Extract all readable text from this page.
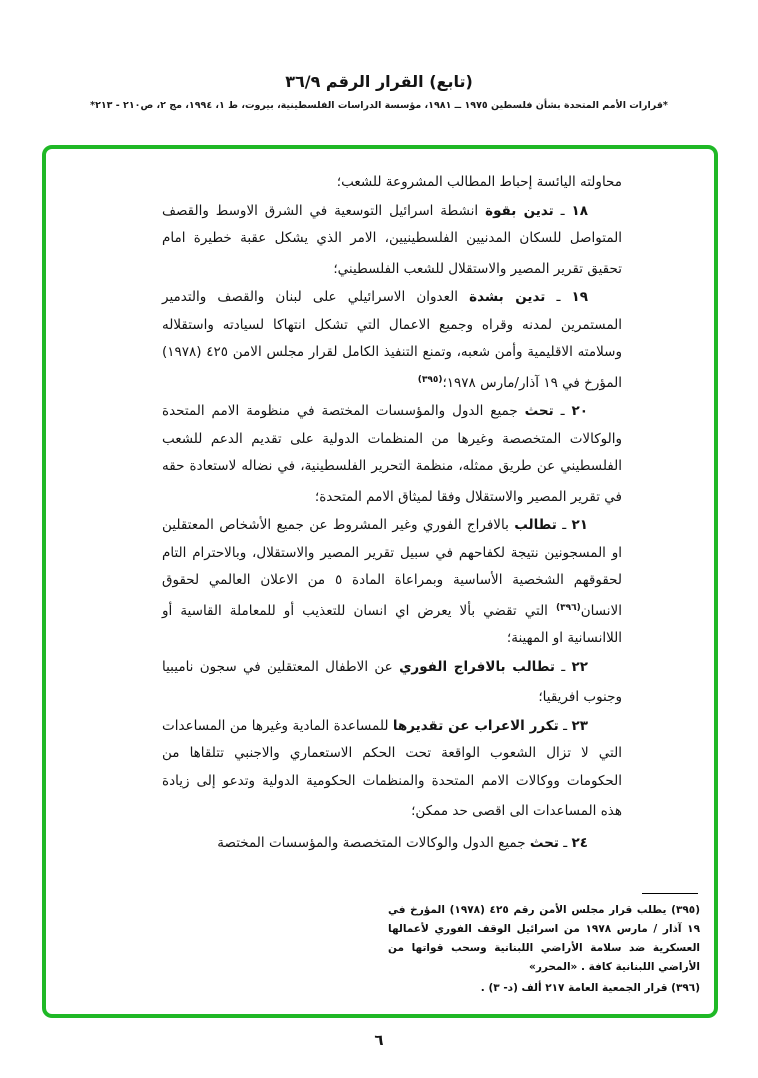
(تابع) القرار الرقم ٣٦/٩

*قرارات الأمم المتحدة بشأن فلسطين ١٩٧٥ ــ ١٩٨١، مؤسسة الدراسات الفلسطينية، بيروت، ط ١، ١٩٩٤، مج ٢، ص٢١٠ - ٢١٣*

محاولته اليائسة إحباط المطالب المشروعة للشعب؛

١٨ ـ تدين بقوة انشطة اسرائيل التوسعية في الشرق الاوسط والقصف المتواصل للسكان المدنيين الفلسطينيين، الامر الذي يشكل عقبة خطيرة امام تحقيق تقرير المصير والاستقلال للشعب الفلسطيني؛

١٩ ـ تدين بشدة العدوان الاسرائيلي على لبنان والقصف والتدمير المستمرين لمدنه وقراه وجميع الاعمال التي تشكل انتهاكا لسيادته واستقلاله وسلامته الاقليمية وأمن شعبه، وتمنع التنفيذ الكامل لقرار مجلس الامن ٤٢٥ (١٩٧٨) المؤرخ في ١٩ آذار/مارس ١٩٧٨؛$^{(٣٩٥)}$

٢٠ ـ تحث جميع الدول والمؤسسات المختصة في منظومة الامم المتحدة والوكالات المتخصصة وغيرها من المنظمات الدولية على تقديم الدعم للشعب الفلسطيني عن طريق ممثله، منظمة التحرير الفلسطينية، في نضاله لاستعادة حقه في تقرير المصير والاستقلال وفقا لميثاق الامم المتحدة؛

٢١ ـ تطالب بالافراج الفوري وغير المشروط عن جميع الأشخاص المعتقلين او المسجونين نتيجة لكفاحهم في سبيل تقرير المصير والاستقلال، وبالاحترام التام لحقوقهم الشخصية الأساسية وبمراعاة المادة ٥ من الاعلان العالمي لحقوق الانسان$^{(٣٩٦)}$ التي تقضي بألا يعرض اي انسان للتعذيب أو للمعاملة القاسية أو اللاانسانية او المهينة؛

٢٢ ـ تطالب بالافراج الفوري عن الاطفال المعتقلين في سجون ناميبيا وجنوب افريقيا؛

٢٣ ـ تكرر الاعراب عن تقديرها للمساعدة المادية وغيرها من المساعدات التي لا تزال الشعوب الواقعة تحت الحكم الاستعماري والاجنبي تتلقاها من الحكومات ووكالات الامم المتحدة والمنظمات الحكومية الدولية وتدعو إلى زيادة هذه المساعدات الى اقصى حد ممكن؛

٢٤ ـ تحث جميع الدول والوكالات المتخصصة والمؤسسات المختصة

(٣٩٥) يطلب قرار مجلس الأمن رقم ٤٢٥ (١٩٧٨) المؤرخ في ١٩ آذار / مارس ١٩٧٨ من اسرائيل الوقف الفوري لأعمالها العسكرية ضد سلامة الأراضي اللبنانية وسحب قواتها من الأراضي اللبنانية كافة . «المحرر»

(٣٩٦) قرار الجمعية العامة ٢١٧ ألف (د- ٣) .

٦
